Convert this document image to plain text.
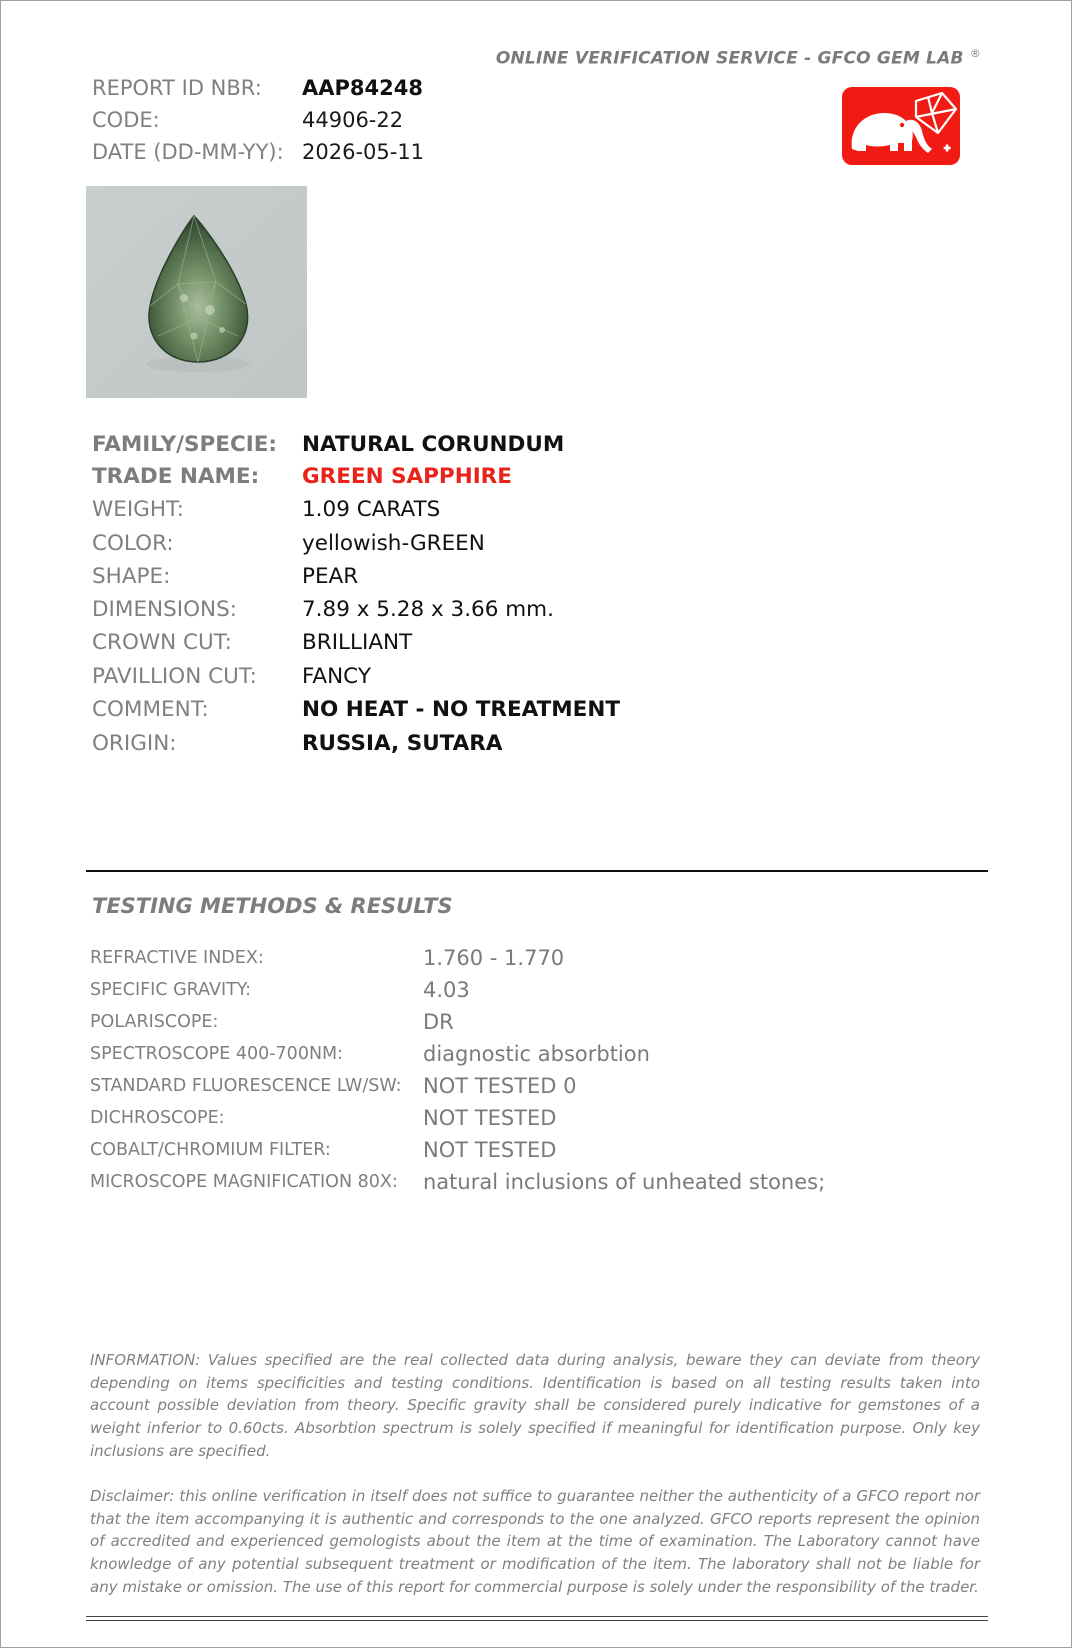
ONLINE VERIFICATION SERVICE - GFCO GEM LAB ®
REPORT ID NBR: AAP84248
CODE:	44906-22
DATE (DD-MM-YY): 2026-05-11
FAMILY/SPECIE: NATURAL CORUNDUM
TRADE NAME: GREEN SAPPHIRE
WEIGHT:	1.09 CARATS
COLOR:	yellowish-GREEN
SHAPE:	PEAR
DIMENSIONS:	7.89 x 5.28 x 3.66 mm.
CROWN CUT:	BRILLIANT
PAVILLION CUT: FANCY
COMMENT:	NO HEAT - NO TREATMENT
ORIGIN:	RUSSIA, SUTARA
TESTING METHODS & RESULTS
REFRACTIVE INDEX:	1.760 - 1.770
SPECIFIC GRAVITY:	4.03
POLARISCOPE:	DR
SPECTROSCOPE 400-700NM:	diagnostic absorbtion
STANDARD FLUORESCENCE LW/SW: NOT TESTED 0
DICHROSCOPE:	NOT TESTED
COBALT/CHROMIUM FILTER:	NOT TESTED
MICROSCOPE MAGNIFICATION 80X: natural inclusions of unheated stones;
INFORMATION: Values specified are the real collected data during analysis, beware they can deviate from theory depending on items specificities and testing conditions. Identification is based on all testing results taken into account possible deviation from theory. Specific gravity shall be considered purely indicative for gemstones of a weight inferior to 0.60cts. Absorbtion spectrum is solely specified if meaningful for identification purpose. Only key inclusions are specified.
Disclaimer: this online verification in itself does not suffice to guarantee neither the authenticity of a GFCO report nor that the item accompanying it is authentic and corresponds to the one analyzed. GFCO reports represent the opinion of accredited and experienced gemologists about the item at the time of examination. The Laboratory cannot have knowledge of any potential subsequent treatment or modification of the item. The laboratory shall not be liable for any mistake or omission. The use of this report for commercial purpose is solely under the responsibility of the trader.
